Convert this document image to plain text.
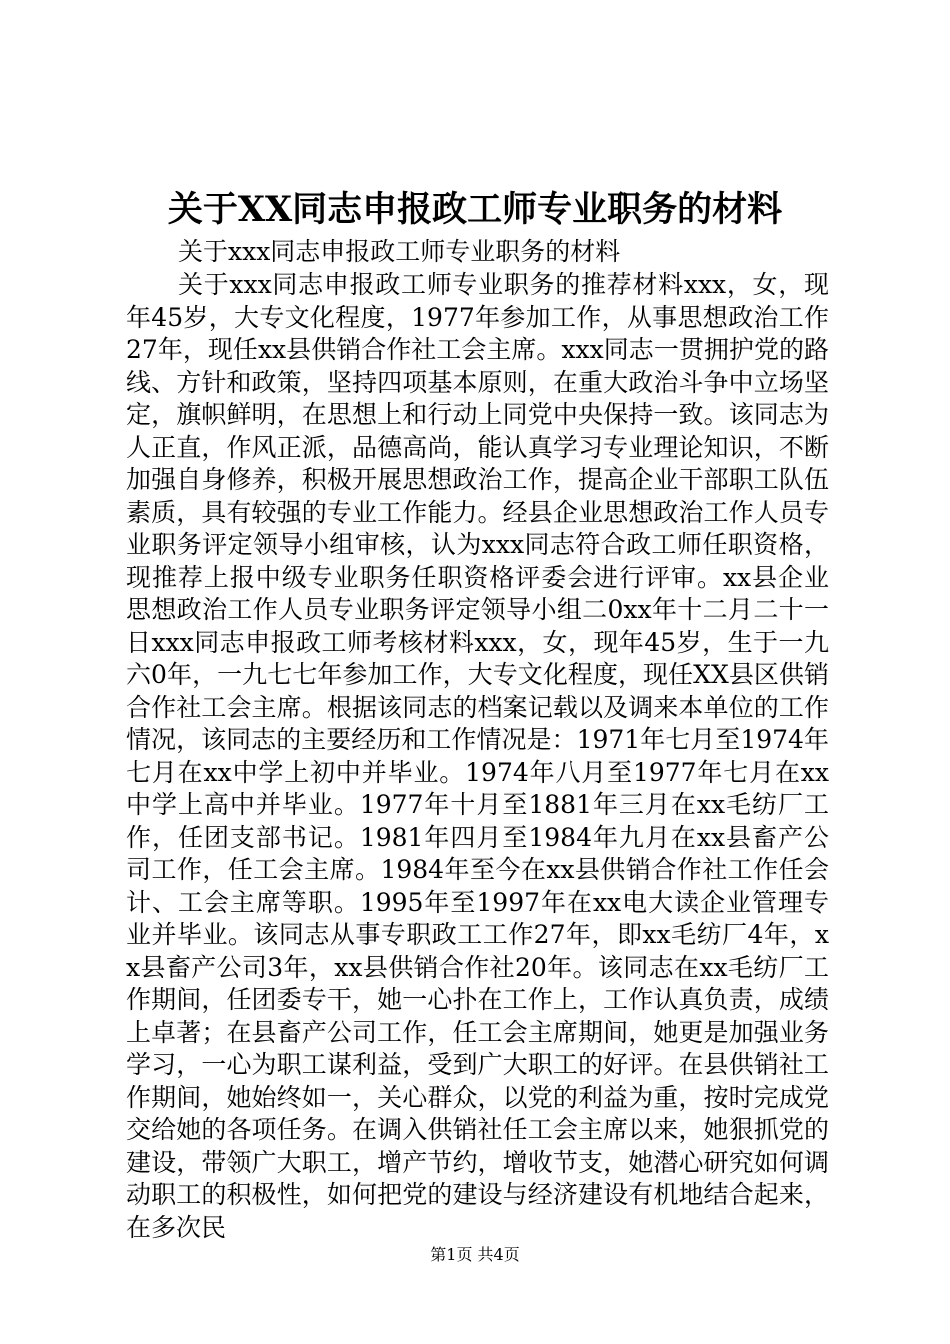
关于XX同志申报政工师专业职务的材料

关于xxx同志申报政工师专业职务的材料

关于xxx同志申报政工师专业职务的推荐材料xxx，女，现年45岁，大专文化程度，1977年参加工作，从事思想政治工作27年，现任xx县供销合作社工会主席。xxx同志一贯拥护党的路线、方针和政策，坚持四项基本原则，在重大政治斗争中立场坚定，旗帜鲜明，在思想上和行动上同党中央保持一致。该同志为人正直，作风正派，品德高尚，能认真学习专业理论知识，不断加强自身修养，积极开展思想政治工作，提高企业干部职工队伍素质，具有较强的专业工作能力。经县企业思想政治工作人员专业职务评定领导小组审核，认为xxx同志符合政工师任职资格，现推荐上报中级专业职务任职资格评委会进行评审。xx县企业思想政治工作人员专业职务评定领导小组二0xx年十二月二十一日xxx同志申报政工师考核材料xxx，女，现年45岁，生于一九六0年，一九七七年参加工作，大专文化程度，现任XX县区供销合作社工会主席。根据该同志的档案记载以及调来本单位的工作情况，该同志的主要经历和工作情况是：1971年七月至1974年七月在xx中学上初中并毕业。1974年八月至1977年七月在xx中学上高中并毕业。1977年十月至1881年三月在xx毛纺厂工作，任团支部书记。1981年四月至1984年九月在xx县畜产公司工作，任工会主席。1984年至今在xx县供销合作社工作任会计、工会主席等职。1995年至1997年在xx电大读企业管理专业并毕业。该同志从事专职政工工作27年，即xx毛纺厂4年，xx县畜产公司3年，xx县供销合作社20年。该同志在xx毛纺厂工作期间，任团委专干，她一心扑在工作上，工作认真负责，成绩上卓著；在县畜产公司工作，任工会主席期间，她更是加强业务学习，一心为职工谋利益，受到广大职工的好评。在县供销社工作期间，她始终如一，关心群众，以党的利益为重，按时完成党交给她的各项任务。在调入供销社任工会主席以来，她狠抓党的建设，带领广大职工，增产节约，增收节支，她潜心研究如何调动职工的积极性，如何把党的建设与经济建设有机地结合起来，在多次民

第1页 共4页
